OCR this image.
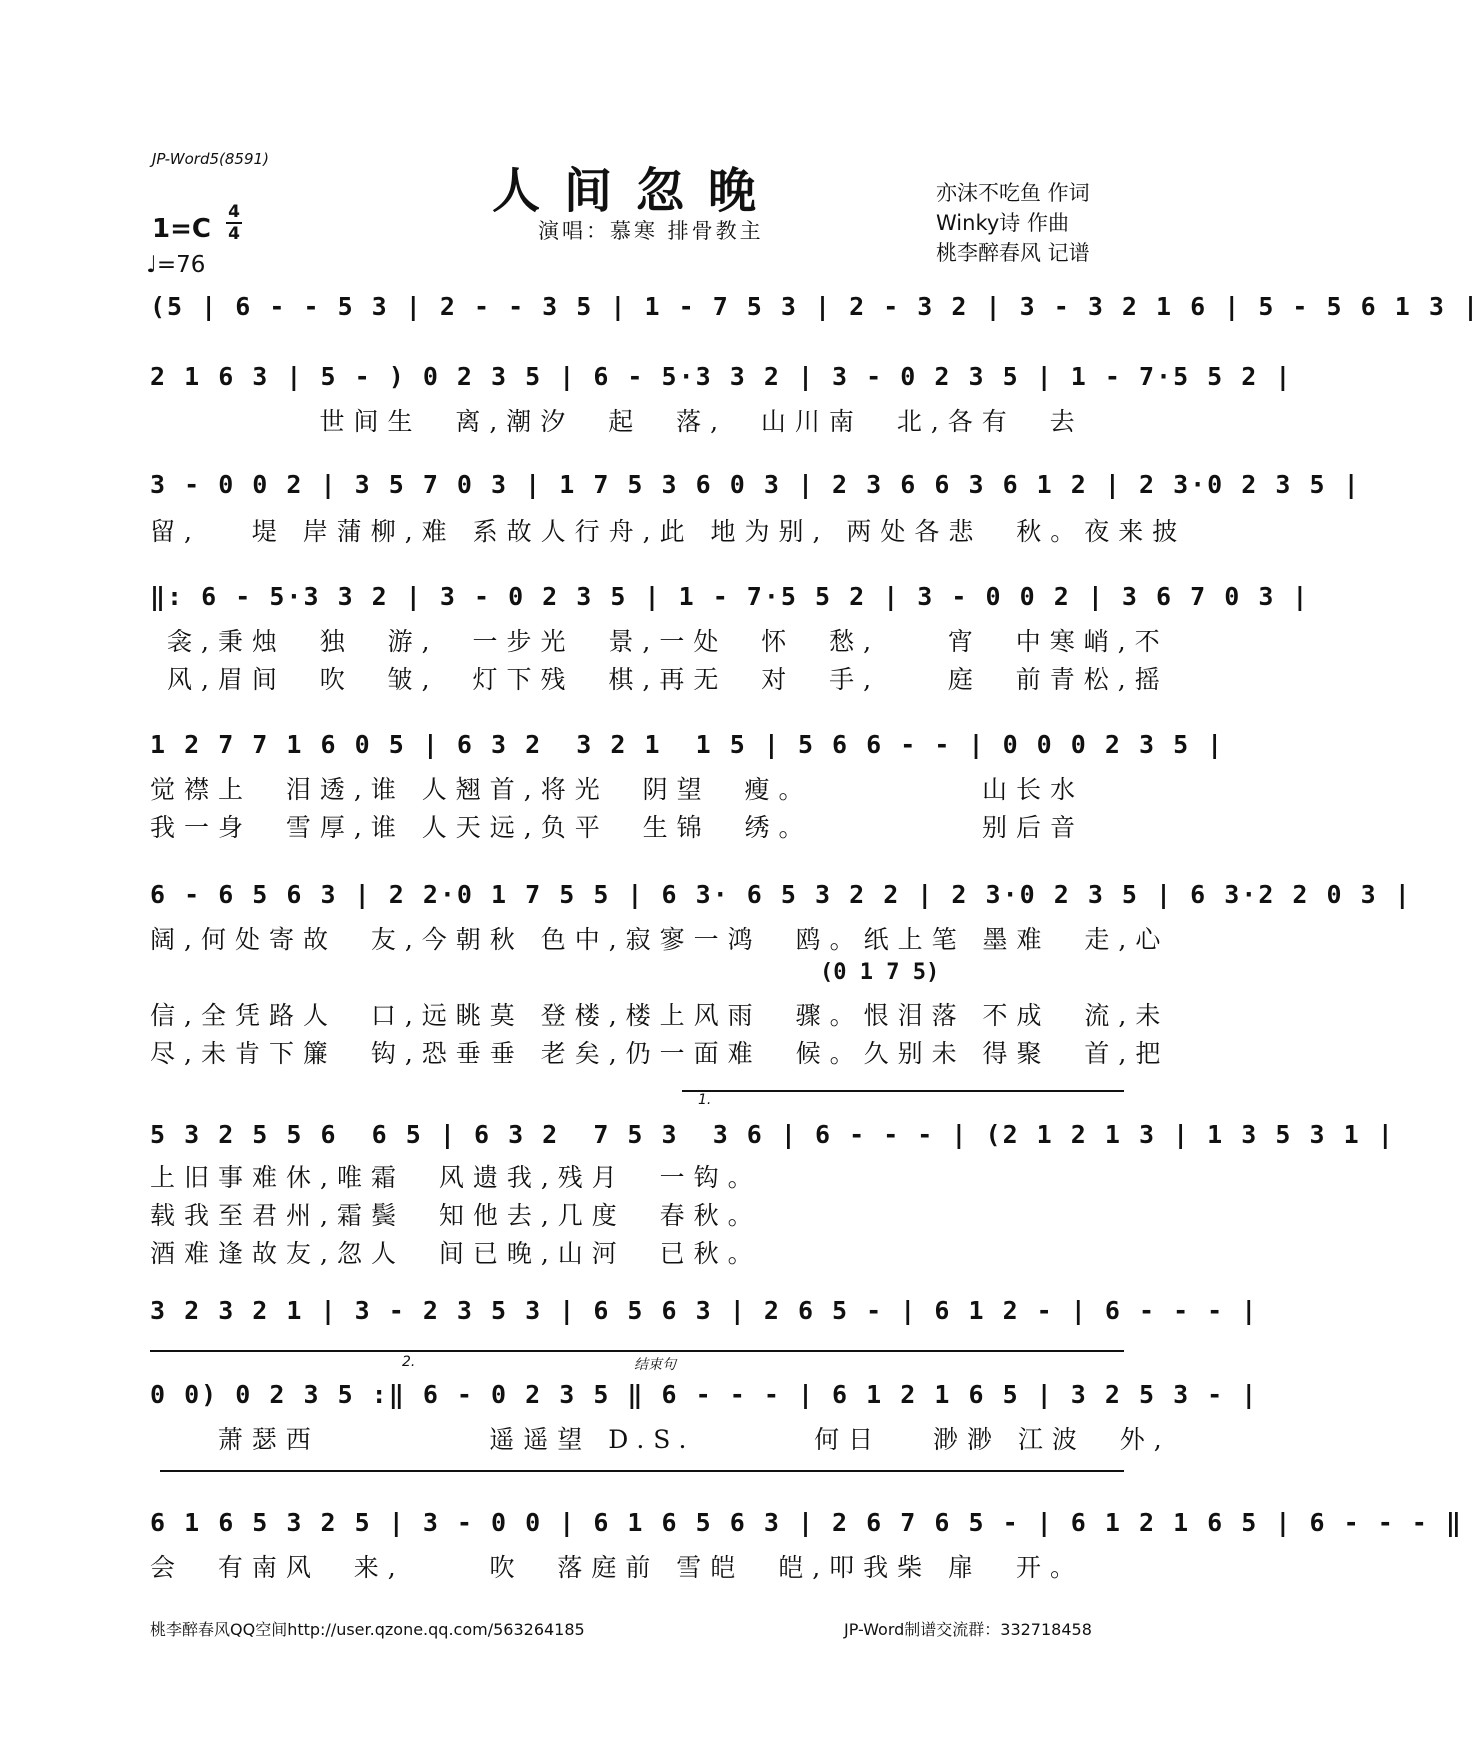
JP-Word5(8591)
人间忽晚
演唱：慕寒 排骨教主
亦沫不吃鱼 作词
Winky诗 作曲
桃李醉春风 记谱
1=C
4
4
♩=76
(5 | 6 - - 5 3 | 2 - - 3 5 | 1 - 7 5 3 | 2 - 3 2 | 3 - 3 2 1 6 | 5 - 5 6 1 3 |
2 1 6 3 | 5 - ) 0 2 3 5 | 6 - 5·3 3 2 | 3 - 0 2 3 5 | 1 - 7·5 5 2 |
世间生  离,潮汐  起  落,  山川南  北,各有  去
3 - 0 0 2 | 3 5 7 0 3 | 1 7 5 3 6 0 3 | 2 3 6 6 3 6 1 2 | 2 3·0 2 3 5 |
留,   堤 岸蒲柳,难 系故人行舟,此 地为别, 两处各悲  秋。夜来披
‖: 6 - 5·3 3 2 | 3 - 0 2 3 5 | 1 - 7·5 5 2 | 3 - 0 0 2 | 3 6 7 0 3 |
衾,秉烛  独  游,  一步光  景,一处  怀  愁,    宵  中寒峭,不
风,眉间  吹  皱,  灯下残  棋,再无  对  手,    庭  前青松,摇
1 2 7 7 1 6 0 5 | 6 3 2  3 2 1  1 5 | 5 6 6 - - | 0 0 0 2 3 5 |
觉襟上  泪透,谁 人翘首,将光  阴望  瘦。          山长水
我一身  雪厚,谁 人天远,负平  生锦  绣。          别后音
6 - 6 5 6 3 | 2 2·0 1 7 5 5 | 6 3· 6 5 3 2 2 | 2 3·0 2 3 5 | 6 3·2 2 0 3 |
阔,何处寄故  友,今朝秋 色中,寂寥一鸿  鸥。纸上笔 墨难  走,心
(0 1 7 5)
信,全凭路人  口,远眺莫 登楼,楼上风雨  骤。恨泪落 不成  流,未
尽,未肯下簾  钩,恐垂垂 老矣,仍一面难  候。久别未 得聚  首,把
1.
5 3 2 5 5 6  6 5 | 6 3 2  7 5 3  3 6 | 6 - - - | (2 1 2 1 3 | 1 3 5 3 1 |
上旧事难休,唯霜  风遗我,残月  一钩。
载我至君州,霜鬓  知他去,几度  春秋。
酒难逢故友,忽人  间已晚,山河  已秋。
3 2 3 2 1 | 3 - 2 3 5 3 | 6 5 6 3 | 2 6 5 - | 6 1 2 - | 6 - - - |
2.	结束句
0 0) 0 2 3 5 :‖ 6 - 0 2 3 5 ‖ 6 - - - | 6 1 2 1 6 5 | 3 2 5 3 - |
萧瑟西          遥遥望 D.S.       何日   渺渺 江波  外,
6 1 6 5 3 2 5 | 3 - 0 0 | 6 1 6 5 6 3 | 2 6 7 6 5 - | 6 1 2 1 6 5 | 6 - - - ‖
会  有南风  来,     吹  落庭前 雪皑  皑,叩我柴 扉  开。
桃李醉春风QQ空间http://user.qzone.qq.com/563264185	JP-Word制谱交流群：332718458
